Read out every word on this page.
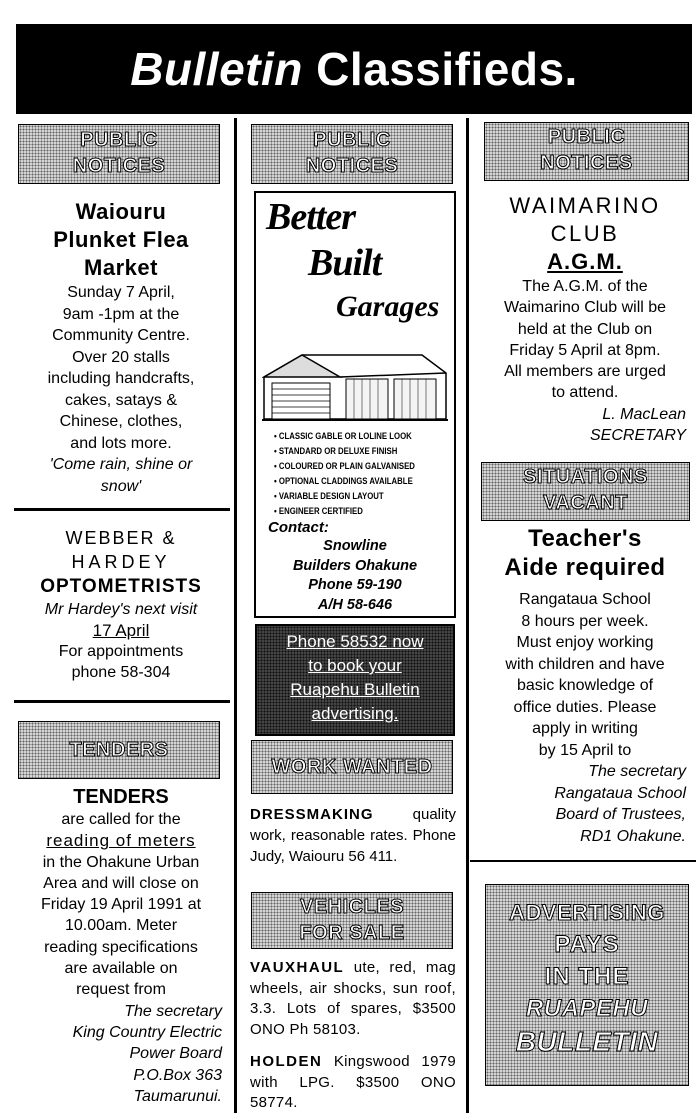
Bulletin Classifieds.
PUBLIC
NOTICES
Waiouru
Plunket Flea
Market
Sunday 7 April,
9am -1pm at the
Community Centre.
Over 20 stalls
including handcrafts,
cakes, satays &
Chinese, clothes,
and lots more.
'Come rain, shine or
snow'
WEBBER &
HARDEY
OPTOMETRISTS
Mr Hardey's next visit
17 April
For appointments
phone 58-304
TENDERS
TENDERS
are called for the
reading of meters
in the Ohakune Urban
Area and will close on
Friday 19 April 1991 at
10.00am. Meter
reading specifications
are available on
request from
The secretary
King Country Electric
Power Board
P.O.Box 363
Taumarunui.
PUBLIC
NOTICES
Better
Built
Garages
• CLASSIC GABLE OR LOLINE LOOK
• STANDARD OR DELUXE FINISH
• COLOURED OR PLAIN GALVANISED
• OPTIONAL CLADDINGS AVAILABLE
• VARIABLE DESIGN LAYOUT
• ENGINEER CERTIFIED
Contact:
Snowline
Builders Ohakune
Phone 59-190
A/H 58-646
Phone 58532 now
to book your
Ruapehu Bulletin
advertising.
WORK WANTED
DRESSMAKING quality work, reasonable rates. Phone Judy, Waiouru 56 411.
VEHICLES
FOR SALE
VAUXHAUL ute, red, mag wheels, air shocks, sun roof, 3.3. Lots of spares, $3500 ONO Ph 58103.
HOLDEN Kingswood 1979 with LPG. $3500 ONO 58774.
PUBLIC
NOTICES
WAIMARINO
CLUB
A.G.M.
The A.G.M. of the
Waimarino Club will be
held at the Club on
Friday 5 April at 8pm.
All members are urged
to attend.
L. MacLean
SECRETARY
SITUATIONS
VACANT
Teacher's
Aide required
Rangataua School
8 hours per week.
Must enjoy working
with children and have
basic knowledge of
office duties. Please
apply in writing
by 15 April to
The secretary
Rangataua School
Board of Trustees,
RD1 Ohakune.
ADVERTISING
PAYS
IN THE
RUAPEHU
BULLETIN
